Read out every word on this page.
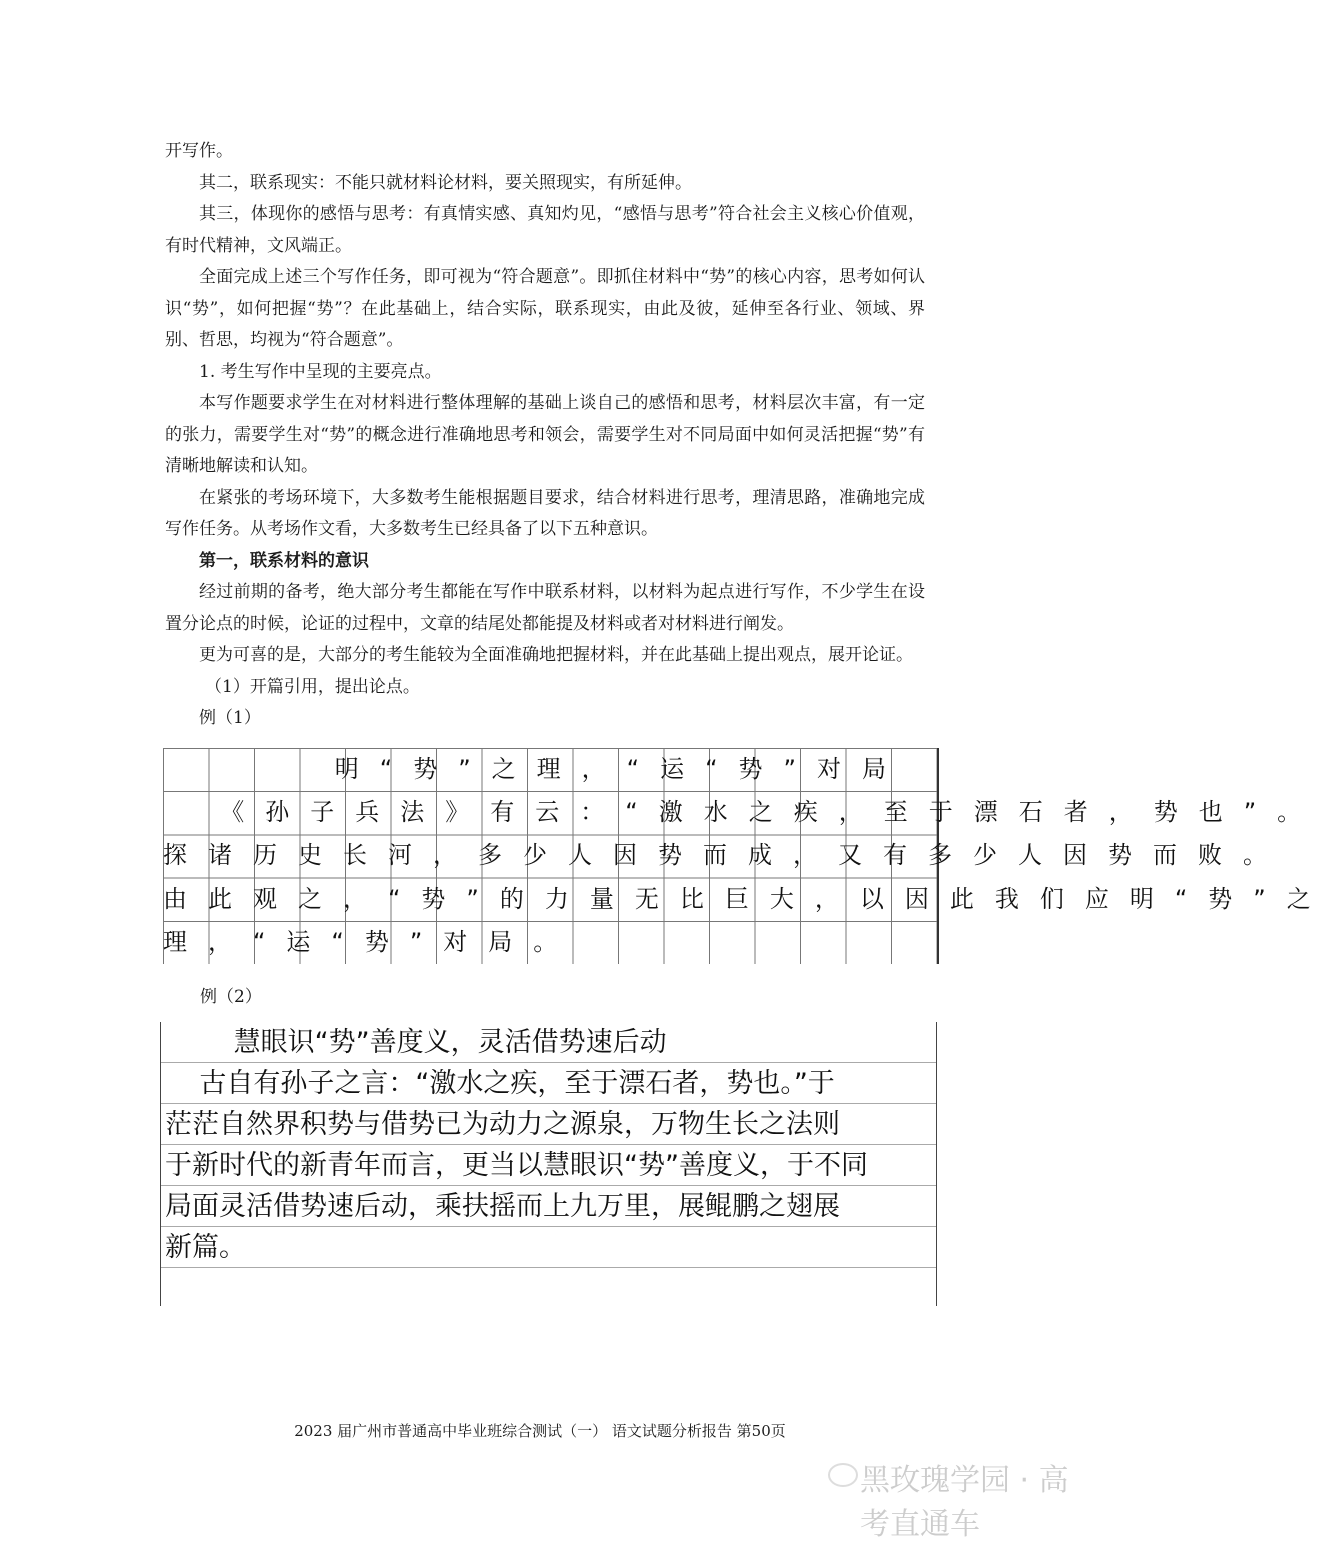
开写作。

其二，联系现实：不能只就材料论材料，要关照现实，有所延伸。

其三，体现你的感悟与思考：有真情实感、真知灼见，“感悟与思考”符合社会主义核心价值观，有时代精神，文风端正。

全面完成上述三个写作任务，即可视为“符合题意”。即抓住材料中“势”的核心内容，思考如何认识“势”，如何把握“势”？在此基础上，结合实际，联系现实，由此及彼，延伸至各行业、领域、界别、哲思，均视为“符合题意”。

1. 考生写作中呈现的主要亮点。

本写作题要求学生在对材料进行整体理解的基础上谈自己的感悟和思考，材料层次丰富，有一定的张力，需要学生对“势”的概念进行准确地思考和领会，需要学生对不同局面中如何灵活把握“势”有清晰地解读和认知。

在紧张的考场环境下，大多数考生能根据题目要求，结合材料进行思考，理清思路，准确地完成写作任务。从考场作文看，大多数考生已经具备了以下五种意识。

第一，联系材料的意识

经过前期的备考，绝大部分考生都能在写作中联系材料，以材料为起点进行写作，不少学生在设置分论点的时候，论证的过程中，文章的结尾处都能提及材料或者对材料进行阐发。

更为可喜的是，大部分的考生能较为全面准确地把握材料，并在此基础上提出观点，展开论证。

（1）开篇引用，提出论点。

例（1）

明“势”之理，“运“势”对局
《孙子兵法》有云：“激水之疾，至于漂石者，势也”。
探诸历史长河，多少人因势而成，又有多少人因势而败。
由此观之，“势”的力量无比巨大，以因此我们应明“势”之
理，“运“势”对局。
例（2）
慧眼识“势”善度义，灵活借势速后动
古自有孙子之言：“激水之疾，至于漂石者，势也。”于
茫茫自然界积势与借势已为动力之源泉，万物生长之法则
于新时代的新青年而言，更当以慧眼识“势”善度义，于不同
局面灵活借势速后动，乘扶摇而上九万里，展鲲鹏之翅展
新篇。
2023 届广州市普通高中毕业班综合测试（一） 语文试题分析报告 第50页
黑玫瑰学园 · 高考直通车
